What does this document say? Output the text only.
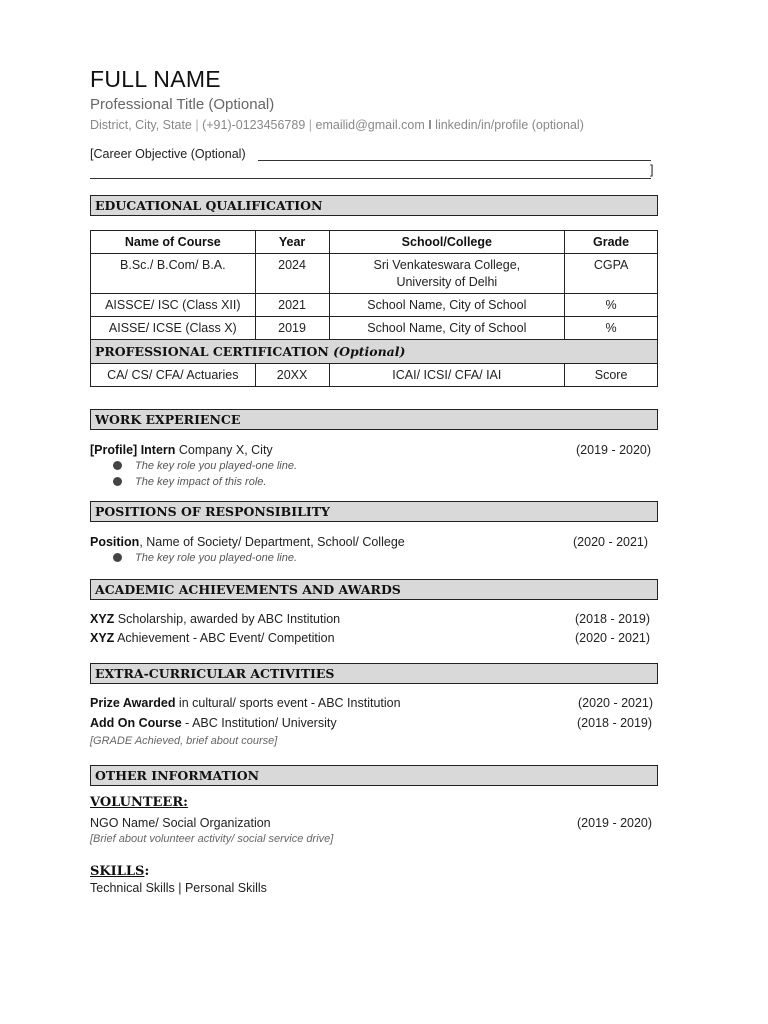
FULL NAME
Professional Title (Optional)
District, City, State | (+91)-0123456789 | emailid@gmail.com I linkedin/in/profile (optional)
[Career Objective (Optional)
]
EDUCATIONAL QUALIFICATION
Name of Course	Year	School/College	Grade
B.Sc./ B.Com/ B.A.	2024	Sri Venkateswara College, University of Delhi	CGPA
AISSCE/ ISC (Class XII)	2021	School Name, City of School	%
AISSE/ ICSE (Class X)	2019	School Name, City of School	%
PROFESSIONAL CERTIFICATION (Optional)			
CA/ CS/ CFA/ Actuaries	20XX	ICAI/ ICSI/ CFA/ IAI	Score
WORK EXPERIENCE
[Profile] Intern Company X, City	(2019 - 2020)
The key role you played-one line.
The key impact of this role.
POSITIONS OF RESPONSIBILITY
Position, Name of Society/ Department, School/ College	(2020 - 2021)
The key role you played-one line.
ACADEMIC ACHIEVEMENTS AND AWARDS
XYZ Scholarship, awarded by ABC Institution	(2018 - 2019)
XYZ Achievement - ABC Event/ Competition	(2020 - 2021)
EXTRA-CURRICULAR ACTIVITIES
Prize Awarded in cultural/ sports event - ABC Institution	(2020 - 2021)
Add On Course - ABC Institution/ University	(2018 - 2019)
[GRADE Achieved, brief about course]
OTHER INFORMATION
VOLUNTEER:
NGO Name/ Social Organization	(2019 - 2020)
[Brief about volunteer activity/ social service drive]
SKILLS:
Technical Skills | Personal Skills
